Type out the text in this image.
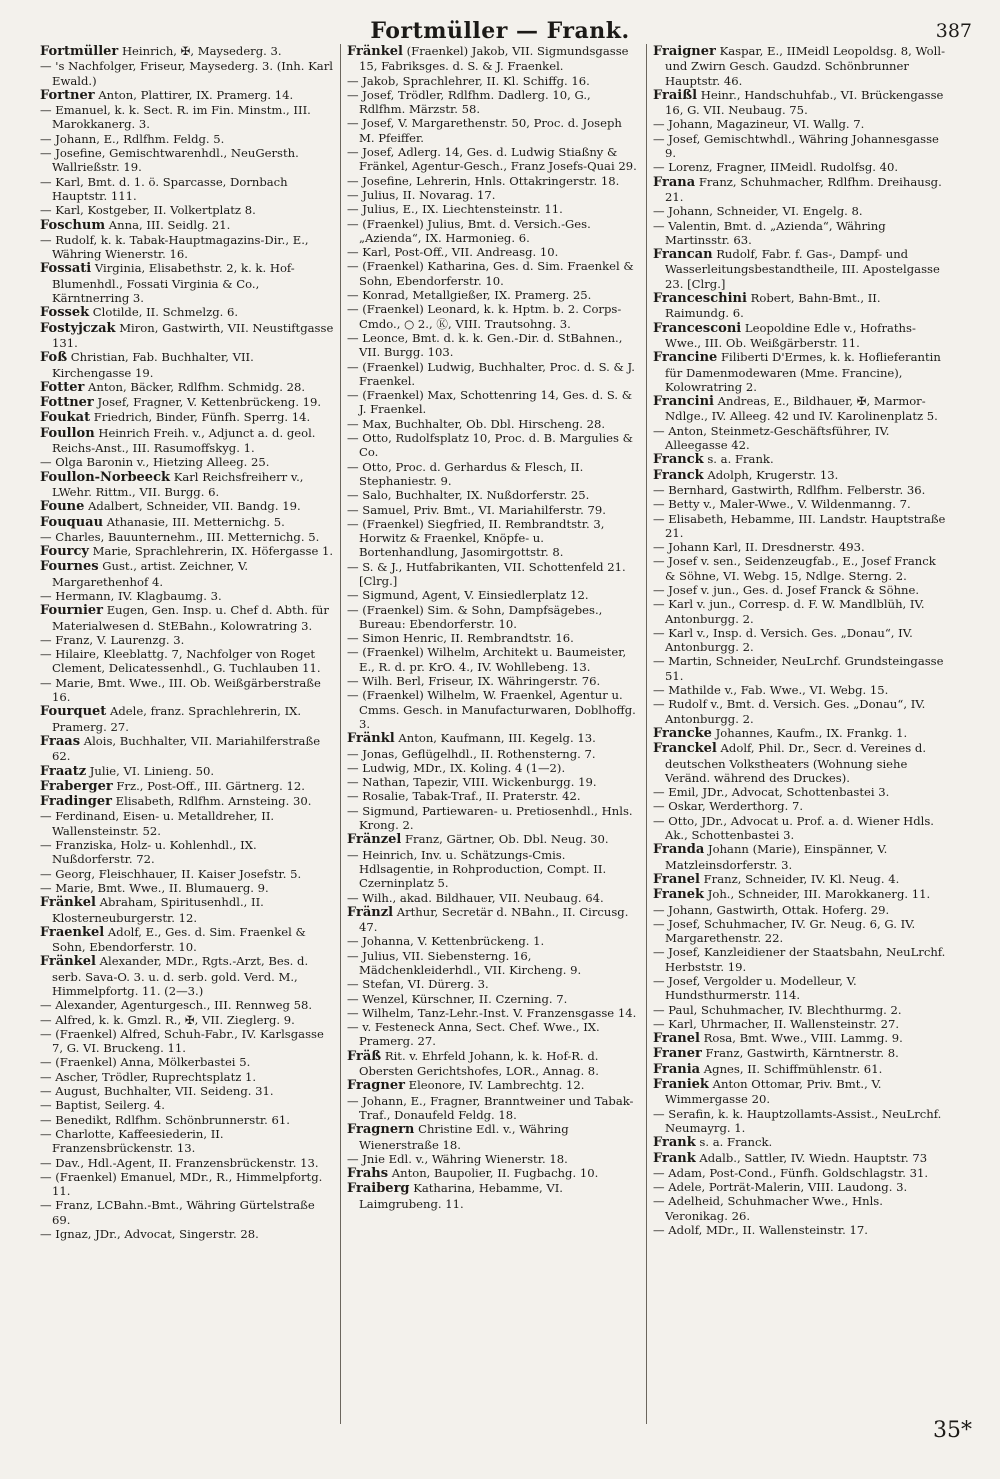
Fortmüller — Frank.	387

Fortmüller Heinrich, ✠, Maysederg. 3.

— 's Nachfolger, Friseur, Maysederg. 3. (Inh. Karl Ewald.)

Fortner Anton, Plattirer, IX. Pramerg. 14.

— Emanuel, k. k. Sect. R. im Fin. Minstm., III. Marokkanerg. 3.

— Johann, E., Rdlfhm. Feldg. 5.

— Josefine, Gemischtwarenhdl., NeuGersth. Wallrießstr. 19.

— Karl, Bmt. d. 1. ö. Sparcasse, Dornbach Hauptstr. 111.

— Karl, Kostgeber, II. Volkertplatz 8.

Foschum Anna, III. Seidlg. 21.

— Rudolf, k. k. Tabak-Hauptmagazins-Dir., E., Währing Wienerstr. 16.

Fossati Virginia, Elisabethstr. 2, k. k. Hof-Blumenhdl., Fossati Virginia & Co., Kärntnerring 3.

Fossek Clotilde, II. Schmelzg. 6.

Fostyjczak Miron, Gastwirth, VII. Neustiftgasse 131.

Foß Christian, Fab. Buchhalter, VII. Kirchengasse 19.

Fotter Anton, Bäcker, Rdlfhm. Schmidg. 28.

Fottner Josef, Fragner, V. Kettenbrückeng. 19.

Foukat Friedrich, Binder, Fünfh. Sperrg. 14.

Foullon Heinrich Freih. v., Adjunct a. d. geol. Reichs-Anst., III. Rasumoffskyg. 1.

— Olga Baronin v., Hietzing Alleeg. 25.

Foullon-Norbeeck Karl Reichsfreiherr v., LWehr. Rittm., VII. Burgg. 6.

Foune Adalbert, Schneider, VII. Bandg. 19.

Fouquau Athanasie, III. Metternichg. 5.

— Charles, Bauunternehm., III. Metternichg. 5.

Fourcy Marie, Sprachlehrerin, IX. Höfergasse 1.

Fournes Gust., artist. Zeichner, V. Margarethenhof 4.

— Hermann, IV. Klagbaumg. 3.

Fournier Eugen, Gen. Insp. u. Chef d. Abth. für Materialwesen d. StEBahn., Kolowratring 3.

— Franz, V. Laurenzg. 3.

— Hilaire, Kleeblattg. 7, Nachfolger von Roget Clement, Delicatessenhdl., G. Tuchlauben 11.

— Marie, Bmt. Wwe., III. Ob. Weißgärberstraße 16.

Fourquet Adele, franz. Sprachlehrerin, IX. Pramerg. 27.

Fraas Alois, Buchhalter, VII. Mariahilferstraße 62.

Fraatz Julie, VI. Linieng. 50.

Fraberger Frz., Post-Off., III. Gärtnerg. 12.

Fradinger Elisabeth, Rdlfhm. Arnsteing. 30.

— Ferdinand, Eisen- u. Metalldreher, II. Wallensteinstr. 52.

— Franziska, Holz- u. Kohlenhdl., IX. Nußdorferstr. 72.

— Georg, Fleischhauer, II. Kaiser Josefstr. 5.

— Marie, Bmt. Wwe., II. Blumauerg. 9.

Fränkel Abraham, Spiritusenhdl., II. Klosterneuburgerstr. 12.

Fraenkel Adolf, E., Ges. d. Sim. Fraenkel & Sohn, Ebendorferstr. 10.

Fränkel Alexander, MDr., Rgts.-Arzt, Bes. d. serb. Sava-O. 3. u. d. serb. gold. Verd. M., Himmelpfortg. 11. (2—3.)

— Alexander, Agenturgesch., III. Rennweg 58.

— Alfred, k. k. Gmzl. R., ✠, VII. Zieglerg. 9.

— (Fraenkel) Alfred, Schuh-Fabr., IV. Karlsgasse 7, G. VI. Bruckeng. 11.

— (Fraenkel) Anna, Mölkerbastei 5.

— Ascher, Trödler, Ruprechtsplatz 1.

— August, Buchhalter, VII. Seideng. 31.

— Baptist, Seilerg. 4.

— Benedikt, Rdlfhm. Schönbrunnerstr. 61.

— Charlotte, Kaffeesiederin, II. Franzensbrückenstr. 13.

— Dav., Hdl.-Agent, II. Franzensbrückenstr. 13.

— (Fraenkel) Emanuel, MDr., R., Himmelpfortg. 11.

— Franz, LCBahn.-Bmt., Währing Gürtelstraße 69.

— Ignaz, JDr., Advocat, Singerstr. 28.

Fränkel (Fraenkel) Jakob, VII. Sigmundsgasse 15, Fabriksges. d. S. & J. Fraenkel.

— Jakob, Sprachlehrer, II. Kl. Schiffg. 16.

— Josef, Trödler, Rdlfhm. Dadlerg. 10, G., Rdlfhm. Märzstr. 58.

— Josef, V. Margarethenstr. 50, Proc. d. Joseph M. Pfeiffer.

— Josef, Adlerg. 14, Ges. d. Ludwig Stiaßny & Fränkel, Agentur-Gesch., Franz Josefs-Quai 29.

— Josefine, Lehrerin, Hnls. Ottakringerstr. 18.

— Julius, II. Novarag. 17.

— Julius, E., IX. Liechtensteinstr. 11.

— (Fraenkel) Julius, Bmt. d. Versich.-Ges. „Azienda“, IX. Harmonieg. 6.

— Karl, Post-Off., VII. Andreasg. 10.

— (Fraenkel) Katharina, Ges. d. Sim. Fraenkel & Sohn, Ebendorferstr. 10.

— Konrad, Metallgießer, IX. Pramerg. 25.

— (Fraenkel) Leonard, k. k. Hptm. b. 2. Corps-Cmdo., ○ 2., Ⓚ, VIII. Trautsohng. 3.

— Leonce, Bmt. d. k. k. Gen.-Dir. d. StBahnen., VII. Burgg. 103.

— (Fraenkel) Ludwig, Buchhalter, Proc. d. S. & J. Fraenkel.

— (Fraenkel) Max, Schottenring 14, Ges. d. S. & J. Fraenkel.

— Max, Buchhalter, Ob. Dbl. Hirscheng. 28.

— Otto, Rudolfsplatz 10, Proc. d. B. Margulies & Co.

— Otto, Proc. d. Gerhardus & Flesch, II. Stephaniestr. 9.

— Salo, Buchhalter, IX. Nußdorferstr. 25.

— Samuel, Priv. Bmt., VI. Mariahilferstr. 79.

— (Fraenkel) Siegfried, II. Rembrandtstr. 3, Horwitz & Fraenkel, Knöpfe- u. Bortenhandlung, Jasomirgottstr. 8.

— S. & J., Hutfabrikanten, VII. Schottenfeld 21. [Clrg.]

— Sigmund, Agent, V. Einsiedlerplatz 12.

— (Fraenkel) Sim. & Sohn, Dampfsägebes., Bureau: Ebendorferstr. 10.

— Simon Henric, II. Rembrandtstr. 16.

— (Fraenkel) Wilhelm, Architekt u. Baumeister, E., R. d. pr. KrO. 4., IV. Wohllebeng. 13.

— Wilh. Berl, Friseur, IX. Währingerstr. 76.

— (Fraenkel) Wilhelm, W. Fraenkel, Agentur u. Cmms. Gesch. in Manufacturwaren, Doblhoffg. 3.

Fränkl Anton, Kaufmann, III. Kegelg. 13.

— Jonas, Geflügelhdl., II. Rothensterng. 7.

— Ludwig, MDr., IX. Koling. 4 (1—2).

— Nathan, Tapezir, VIII. Wickenburgg. 19.

— Rosalie, Tabak-Traf., II. Praterstr. 42.

— Sigmund, Partiewaren- u. Pretiosenhdl., Hnls. Krong. 2.

Fränzel Franz, Gärtner, Ob. Dbl. Neug. 30.

— Heinrich, Inv. u. Schätzungs-Cmis. Hdlsagentie, in Rohproduction, Compt. II. Czerninplatz 5.

— Wilh., akad. Bildhauer, VII. Neubaug. 64.

Fränzl Arthur, Secretär d. NBahn., II. Circusg. 47.

— Johanna, V. Kettenbrückeng. 1.

— Julius, VII. Siebensterng. 16, Mädchenkleiderhdl., VII. Kircheng. 9.

— Stefan, VI. Dürerg. 3.

— Wenzel, Kürschner, II. Czerning. 7.

— Wilhelm, Tanz-Lehr.-Inst. V. Franzensgasse 14.

— v. Festeneck Anna, Sect. Chef. Wwe., IX. Pramerg. 27.

Fräß Rit. v. Ehrfeld Johann, k. k. Hof-R. d. Obersten Gerichtshofes, LOR., Annag. 8.

Fragner Eleonore, IV. Lambrechtg. 12.

— Johann, E., Fragner, Branntweiner und Tabak-Traf., Donaufeld Feldg. 18.

Fragnern Christine Edl. v., Währing Wienerstraße 18.

— Jnie Edl. v., Währing Wienerstr. 18.

Frahs Anton, Baupolier, II. Fugbachg. 10.

Fraiberg Katharina, Hebamme, VI. Laimgrubeng. 11.

Fraigner Kaspar, E., IIMeidl Leopoldsg. 8, Woll- und Zwirn Gesch. Gaudzd. Schönbrunner Hauptstr. 46.

Fraißl Heinr., Handschuhfab., VI. Brückengasse 16, G. VII. Neubaug. 75.

— Johann, Magazineur, VI. Wallg. 7.

— Josef, Gemischtwhdl., Währing Johannesgasse 9.

— Lorenz, Fragner, IIMeidl. Rudolfsg. 40.

Frana Franz, Schuhmacher, Rdlfhm. Dreihausg. 21.

— Johann, Schneider, VI. Engelg. 8.

— Valentin, Bmt. d. „Azienda“, Währing Martinsstr. 63.

Francan Rudolf, Fabr. f. Gas-, Dampf- und Wasserleitungsbestandtheile, III. Apostelgasse 23. [Clrg.]

Franceschini Robert, Bahn-Bmt., II. Raimundg. 6.

Francesconi Leopoldine Edle v., Hofraths-Wwe., III. Ob. Weißgärberstr. 11.

Francine Filiberti D'Ermes, k. k. Hoflieferantin für Damenmodewaren (Mme. Francine), Kolowratring 2.

Francini Andreas, E., Bildhauer, ✠, Marmor-Ndlge., IV. Alleeg. 42 und IV. Karolinenplatz 5.

— Anton, Steinmetz-Geschäftsführer, IV. Alleegasse 42.

Franck s. a. Frank.

Franck Adolph, Krugerstr. 13.

— Bernhard, Gastwirth, Rdlfhm. Felberstr. 36.

— Betty v., Maler-Wwe., V. Wildenmanng. 7.

— Elisabeth, Hebamme, III. Landstr. Hauptstraße 21.

— Johann Karl, II. Dresdnerstr. 493.

— Josef v. sen., Seidenzeugfab., E., Josef Franck & Söhne, VI. Webg. 15, Ndlge. Sterng. 2.

— Josef v. jun., Ges. d. Josef Franck & Söhne.

— Karl v. jun., Corresp. d. F. W. Mandlblüh, IV. Antonburgg. 2.

— Karl v., Insp. d. Versich. Ges. „Donau“, IV. Antonburgg. 2.

— Martin, Schneider, NeuLrchf. Grundsteingasse 51.

— Mathilde v., Fab. Wwe., VI. Webg. 15.

— Rudolf v., Bmt. d. Versich. Ges. „Donau“, IV. Antonburgg. 2.

Francke Johannes, Kaufm., IX. Frankg. 1.

Franckel Adolf, Phil. Dr., Secr. d. Vereines d. deutschen Volkstheaters (Wohnung siehe Veränd. während des Druckes).

— Emil, JDr., Advocat, Schottenbastei 3.

— Oskar, Werderthorg. 7.

— Otto, JDr., Advocat u. Prof. a. d. Wiener Hdls. Ak., Schottenbastei 3.

Franda Johann (Marie), Einspänner, V. Matzleinsdorferstr. 3.

Franel Franz, Schneider, IV. Kl. Neug. 4.

Franek Joh., Schneider, III. Marokkanerg. 11.

— Johann, Gastwirth, Ottak. Hoferg. 29.

— Josef, Schuhmacher, IV. Gr. Neug. 6, G. IV. Margarethenstr. 22.

— Josef, Kanzleidiener der Staatsbahn, NeuLrchf. Herbststr. 19.

— Josef, Vergolder u. Modelleur, V. Hundsthurmerstr. 114.

— Paul, Schuhmacher, IV. Blechthurmg. 2.

— Karl, Uhrmacher, II. Wallensteinstr. 27.

Franel Rosa, Bmt. Wwe., VIII. Lammg. 9.

Franer Franz, Gastwirth, Kärntnerstr. 8.

Frania Agnes, II. Schiffmühlenstr. 61.

Franiek Anton Ottomar, Priv. Bmt., V. Wimmergasse 20.

— Serafin, k. k. Hauptzollamts-Assist., NeuLrchf. Neumayrg. 1.

Frank s. a. Franck.

Frank Adalb., Sattler, IV. Wiedn. Hauptstr. 73

— Adam, Post-Cond., Fünfh. Goldschlagstr. 31.

— Adele, Porträt-Malerin, VIII. Laudong. 3.

— Adelheid, Schuhmacher Wwe., Hnls. Veronikag. 26.

— Adolf, MDr., II. Wallensteinstr. 17.

35*
